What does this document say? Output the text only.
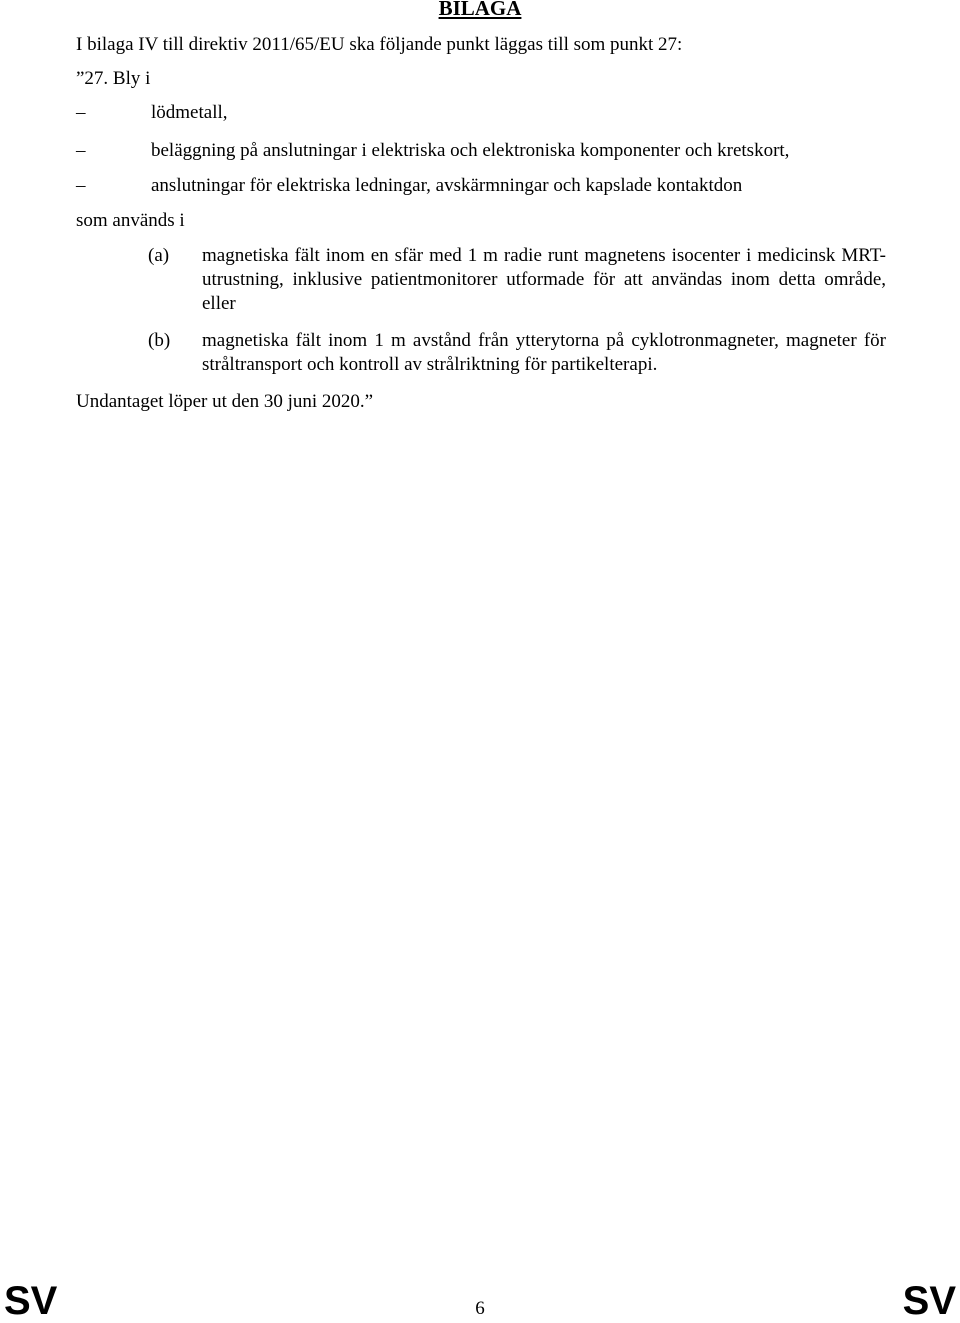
BILAGA
I bilaga IV till direktiv 2011/65/EU ska följande punkt läggas till som punkt 27:
”27. Bly i
–	lödmetall,
–	beläggning på anslutningar i elektriska och elektroniska komponenter och kretskort,
–	anslutningar för elektriska ledningar, avskärmningar och kapslade kontaktdon
som används i
(a) magnetiska fält inom en sfär med 1 m radie runt magnetens isocenter i medicinsk MRT-utrustning, inklusive patientmonitorer utformade för att användas inom detta område, eller
(b) magnetiska fält inom 1 m avstånd från ytterytorna på cyklotronmagneter, magneter för stråltransport och kontroll av strålriktning för partikelterapi.
Undantaget löper ut den 30 juni 2020.”
SV	6	SV
